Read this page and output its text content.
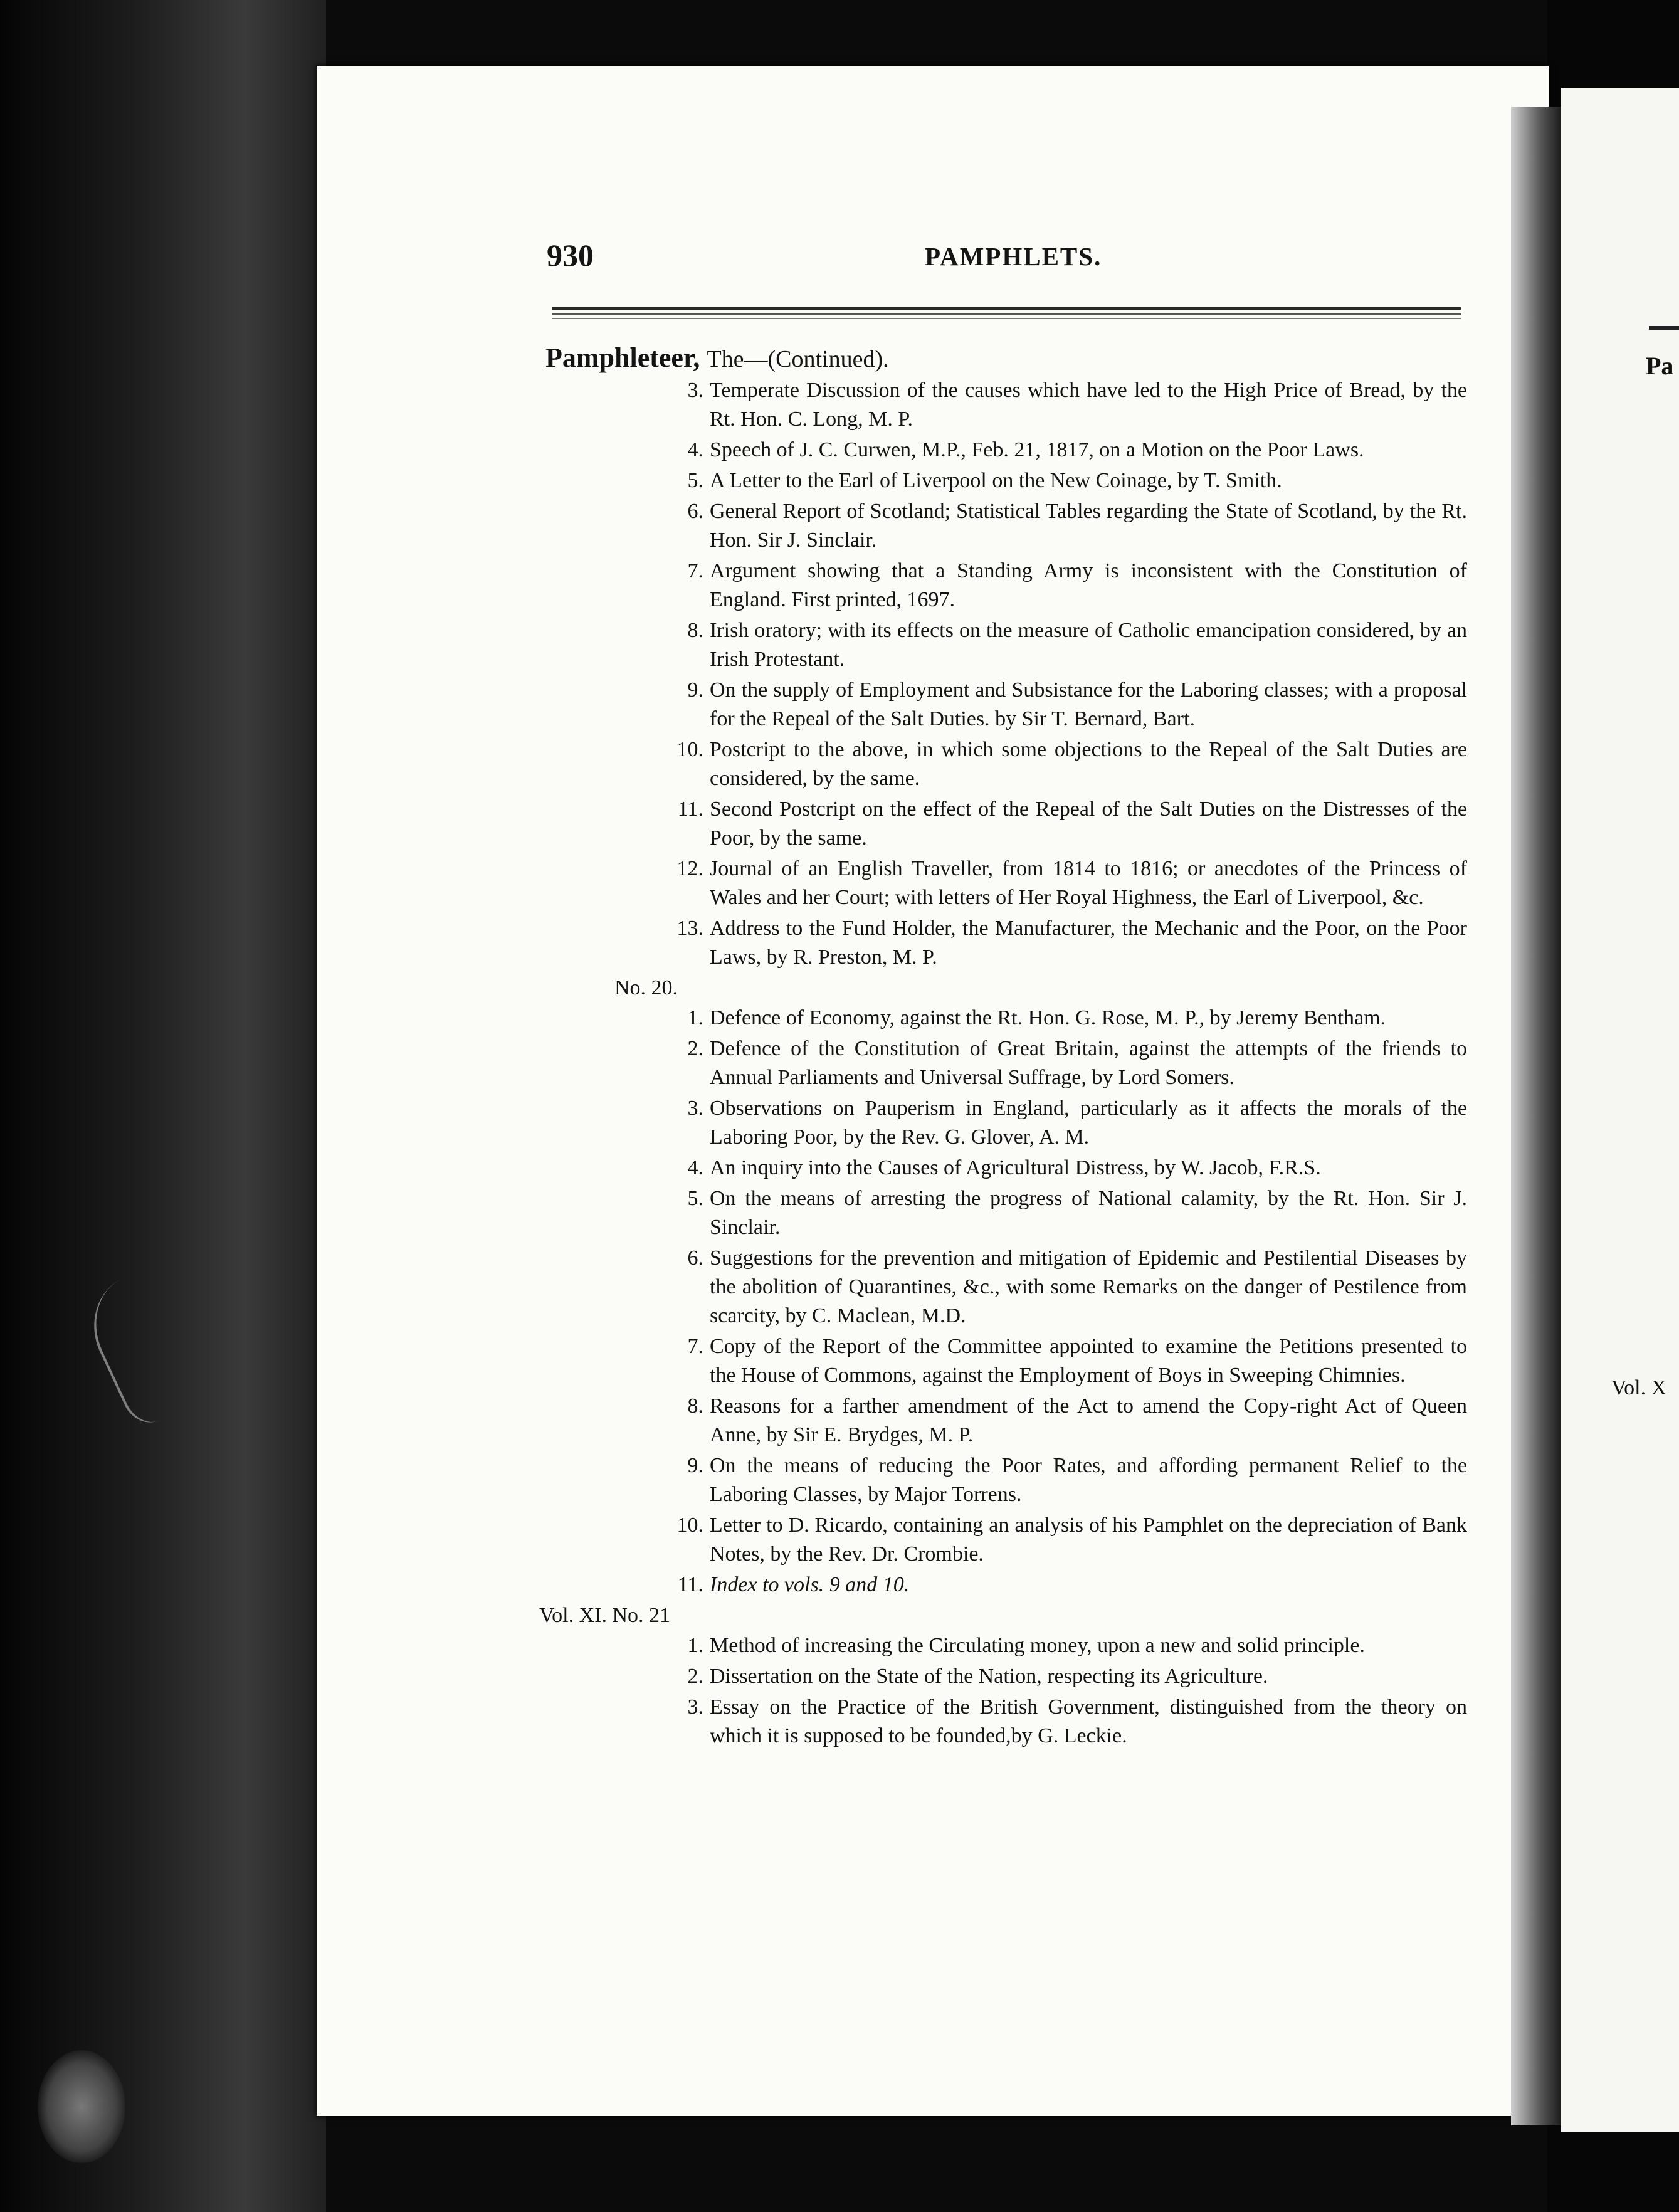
Pa
Vol. X
930	PAMPHLETS.
Pamphleteer, The—(Continued).
3. Temperate Discussion of the causes which have led to the High Price of Bread, by the Rt. Hon. C. Long, M. P.
4. Speech of J. C. Curwen, M.P., Feb. 21, 1817, on a Motion on the Poor Laws.
5. A Letter to the Earl of Liverpool on the New Coinage, by T. Smith.
6. General Report of Scotland; Statistical Tables regarding the State of Scotland, by the Rt. Hon. Sir J. Sinclair.
7. Argument showing that a Standing Army is inconsistent with the Constitution of England. First printed, 1697.
8. Irish oratory; with its effects on the measure of Catholic emancipation considered, by an Irish Protestant.
9. On the supply of Employment and Subsistance for the Laboring classes; with a proposal for the Repeal of the Salt Duties. by Sir T. Bernard, Bart.
10. Postcript to the above, in which some objections to the Repeal of the Salt Duties are considered, by the same.
11. Second Postcript on the effect of the Repeal of the Salt Duties on the Distresses of the Poor, by the same.
12. Journal of an English Traveller, from 1814 to 1816; or anecdotes of the Princess of Wales and her Court; with letters of Her Royal Highness, the Earl of Liverpool, &c.
13. Address to the Fund Holder, the Manufacturer, the Mechanic and the Poor, on the Poor Laws, by R. Preston, M. P.
No. 20.
1. Defence of Economy, against the Rt. Hon. G. Rose, M. P., by Jeremy Bentham.
2. Defence of the Constitution of Great Britain, against the attempts of the friends to Annual Parliaments and Universal Suffrage, by Lord Somers.
3. Observations on Pauperism in England, particularly as it affects the morals of the Laboring Poor, by the Rev. G. Glover, A. M.
4. An inquiry into the Causes of Agricultural Distress, by W. Jacob, F.R.S.
5. On the means of arresting the progress of National calamity, by the Rt. Hon. Sir J. Sinclair.
6. Suggestions for the prevention and mitigation of Epidemic and Pestilential Diseases by the abolition of Quarantines, &c., with some Remarks on the danger of Pestilence from scarcity, by C. Maclean, M.D.
7. Copy of the Report of the Committee appointed to examine the Petitions presented to the House of Commons, against the Employment of Boys in Sweeping Chimnies.
8. Reasons for a farther amendment of the Act to amend the Copy-right Act of Queen Anne, by Sir E. Brydges, M. P.
9. On the means of reducing the Poor Rates, and affording permanent Relief to the Laboring Classes, by Major Torrens.
10. Letter to D. Ricardo, containing an analysis of his Pamphlet on the depreciation of Bank Notes, by the Rev. Dr. Crombie.
11. Index to vols. 9 and 10.
Vol. XI. No. 21
1. Method of increasing the Circulating money, upon a new and solid principle.
2. Dissertation on the State of the Nation, respecting its Agriculture.
3. Essay on the Practice of the British Government, distinguished from the theory on which it is supposed to be founded,by G. Leckie.
